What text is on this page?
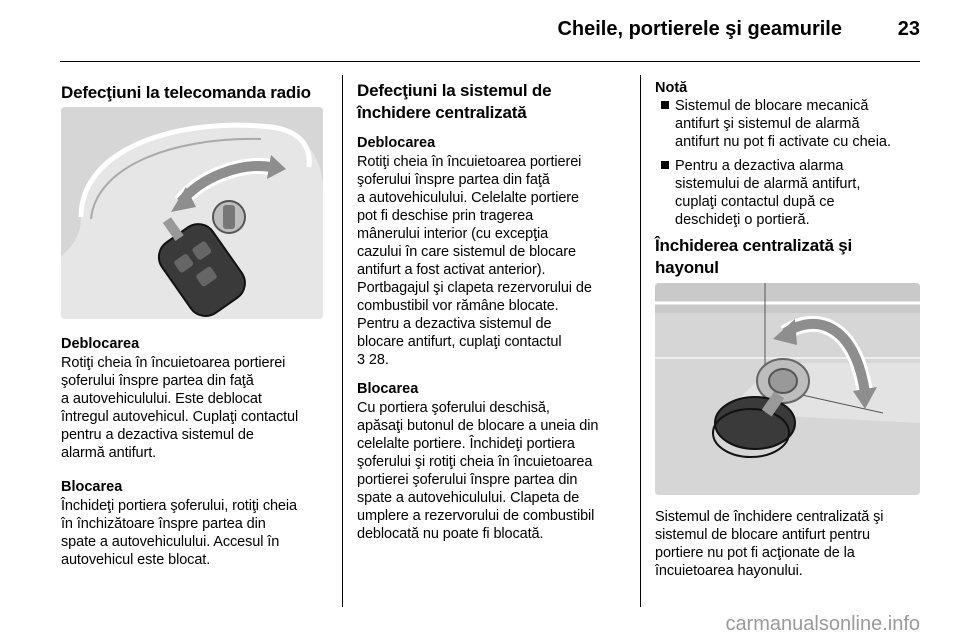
Cheile, portierele şi geamurile	23
Defecţiuni la telecomanda radio

Deblocarea

Rotiţi cheia în încuietoarea portierei
şoferului înspre partea din faţă
a autovehiculului. Este deblocat
întregul autovehicul. Cuplaţi contactul
pentru a dezactiva sistemul de
alarmă antifurt.

Blocarea

Închideţi portiera şoferului, rotiţi cheia
în închizătoare înspre partea din
spate a autovehiculului. Accesul în
autovehicul este blocat.

Defecţiuni la sistemul de
închidere centralizată

Deblocarea

Rotiţi cheia în încuietoarea portierei
şoferului înspre partea din faţă
a autovehiculului. Celelalte portiere
pot fi deschise prin tragerea
mânerului interior (cu excepţia
cazului în care sistemul de blocare
antifurt a fost activat anterior).
Portbagajul şi clapeta rezervorului de
combustibil vor rămâne blocate.
Pentru a dezactiva sistemul de
blocare antifurt, cuplaţi contactul
3 28.

Blocarea

Cu portiera şoferului deschisă,
apăsaţi butonul de blocare a uneia din
celelalte portiere. Închideţi portiera
şoferului şi rotiţi cheia în încuietoarea
portierei şoferului înspre partea din
spate a autovehiculului. Clapeta de
umplere a rezervorului de combustibil
deblocată nu poate fi blocată.

Notă
Sistemul de blocare mecanică
antifurt şi sistemul de alarmă
antifurt nu pot fi activate cu cheia.
Pentru a dezactiva alarma
sistemului de alarmă antifurt,
cuplaţi contactul după ce
deschideţi o portieră.
Închiderea centralizată şi
hayonul

Sistemul de închidere centralizată şi
sistemul de blocare antifurt pentru
portiere nu pot fi acţionate de la
încuietoarea hayonului.

carmanualsonline.info
